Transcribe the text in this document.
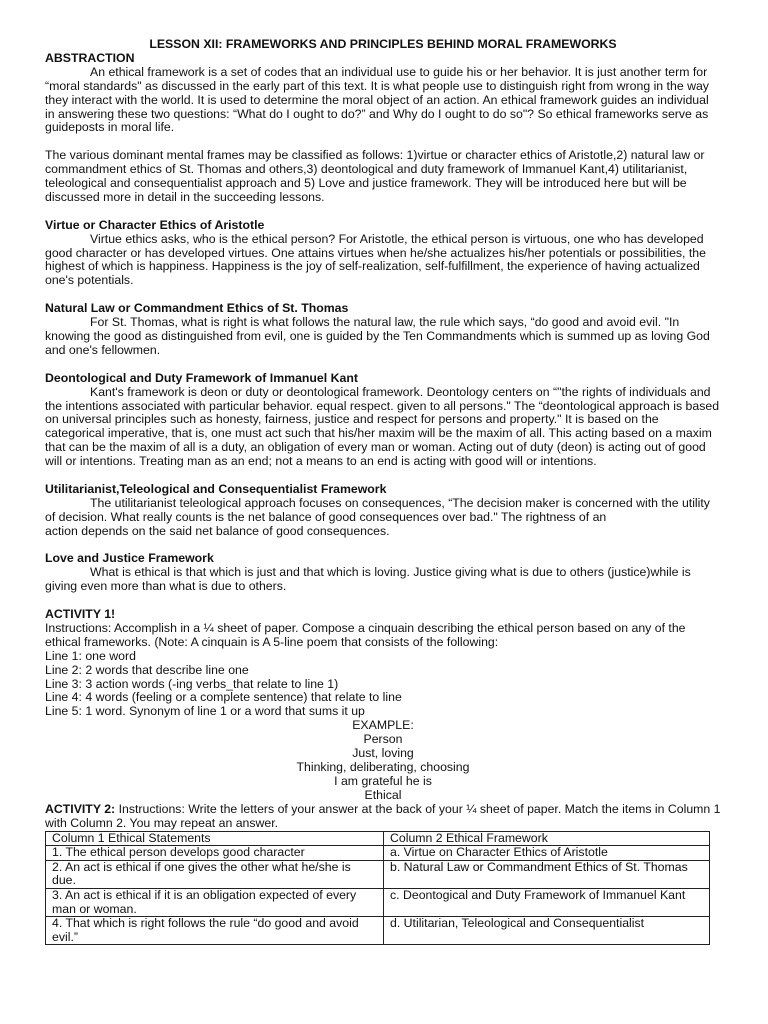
LESSON XII: FRAMEWORKS AND PRINCIPLES BEHIND MORAL FRAMEWORKS

ABSTRACTION

An ethical framework is a set of codes that an individual use to guide his or her behavior. It is just another term for “moral standards" as discussed in the early part of this text. It is what people use to distinguish right from wrong in the way they interact with the world. It is used to determine the moral object of an action. An ethical framework guides an individual in answering these two questions: “What do I ought to do?” and Why do I ought to do so"? So ethical frameworks serve as guideposts in moral life.

The various dominant mental frames may be classified as follows: 1)virtue or character ethics of Aristotle,2) natural law or commandment ethics of St. Thomas and others,3) deontological and duty framework of Immanuel Kant,4) utilitarianist, teleological and consequentialist approach and 5) Love and justice framework. They will be introduced here but will be discussed more in detail in the succeeding lessons.

Virtue or Character Ethics of Aristotle

Virtue ethics asks, who is the ethical person? For Aristotle, the ethical person is virtuous, one who has developed good character or has developed virtues. One attains virtues when he/she actualizes his/her potentials or possibilities, the highest of which is happiness. Happiness is the joy of self-realization, self-fulfillment, the experience of having actualized one's potentials.

Natural Law or Commandment Ethics of St. Thomas

For St. Thomas, what is right is what follows the natural law, the rule which says, “do good and avoid evil. "In knowing the good as distinguished from evil, one is guided by the Ten Commandments which is summed up as loving God and one's fellowmen.

Deontological and Duty Framework of Immanuel Kant

Kant's framework is deon or duty or deontological framework. Deontology centers on “"the rights of individuals and the intentions associated with particular behavior. equal respect. given to all persons." The “deontological approach is based on universal principles such as honesty, fairness, justice and respect for persons and property." It is based on the categorical imperative, that is, one must act such that his/her maxim will be the maxim of all. This acting based on a maxim that can be the maxim of all is a duty, an obligation of every man or woman. Acting out of duty (deon) is acting out of good will or intentions. Treating man as an end; not a means to an end is acting with good will or intentions.

Utilitarianist,Teleological and Consequentialist Framework

The utilitarianist teleological approach focuses on consequences, “The decision maker is concerned with the utility of decision. What really counts is the net balance of good consequences over bad." The rightness of an

action depends on the said net balance of good consequences.

Love and Justice Framework

What is ethical is that which is just and that which is loving. Justice giving what is due to others (justice)while is giving even more than what is due to others.

ACTIVITY 1!

Instructions: Accomplish in a ¼ sheet of paper. Compose a cinquain describing the ethical person based on any of the ethical frameworks. (Note: A cinquain is A 5-line poem that consists of the following:

Line 1: one word

Line 2: 2 words that describe line one

Line 3: 3 action words (-ing verbs_that relate to line 1)

Line 4: 4 words (feeling or a complete sentence) that relate to line

Line 5: 1 word. Synonym of line 1 or a word that sums it up

EXAMPLE:

Person

Just, loving

Thinking, deliberating, choosing

I am grateful he is

Ethical

ACTIVITY 2: Instructions: Write the letters of your answer at the back of your ¼ sheet of paper. Match the items in Column 1 with Column 2. You may repeat an answer.

Column 1 Ethical Statements	Column 2 Ethical Framework
1. The ethical person develops good character	a. Virtue on Character Ethics of Aristotle
2. An act is ethical if one gives the other what he/she is due.	b. Natural Law or Commandment Ethics of St. Thomas
3. An act is ethical if it is an obligation expected of every man or woman.	c. Deontogical and Duty Framework of Immanuel Kant
4. That which is right follows the rule “do good and avoid evil.”	d. Utilitarian, Teleological and Consequentialist
